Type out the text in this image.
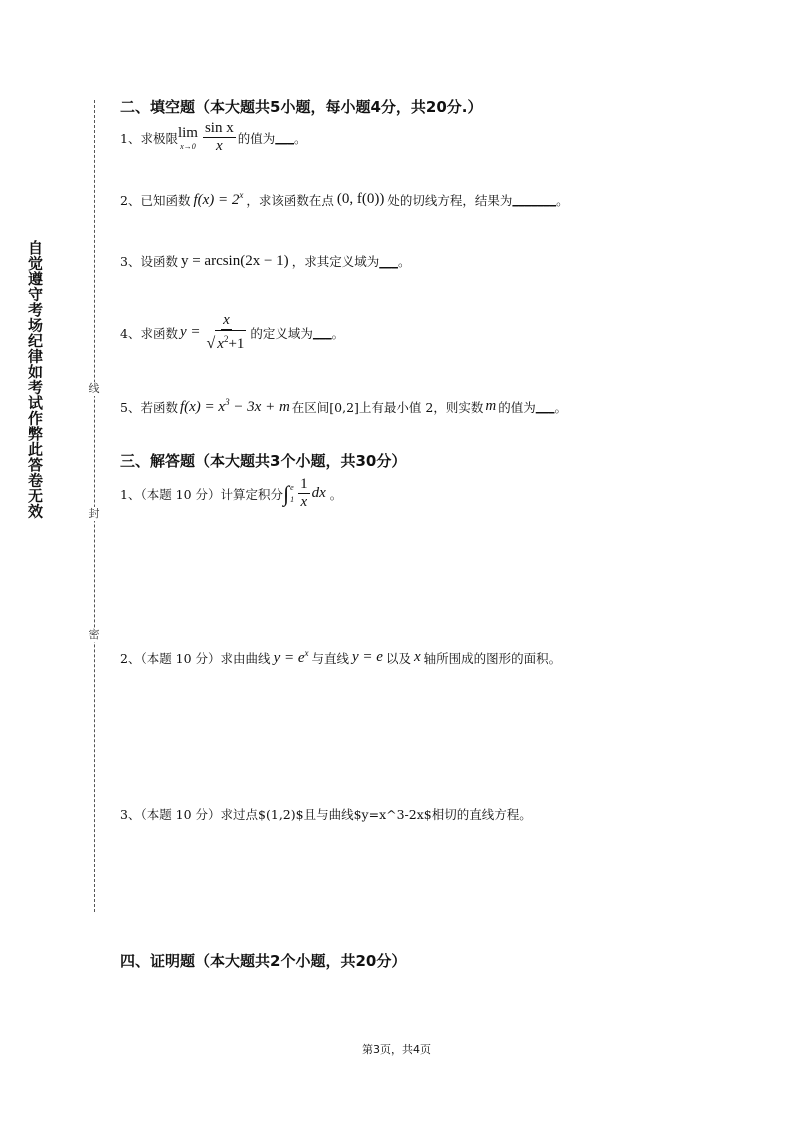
自觉遵守考场纪律如考试作弊此答卷无效	线
封
密
二、填空题（本大题共5小题，每小题4分，共20分.）
1、求极限 lim
$x\to 0 \frac{\text{sin x}}{x}$ 的值为 ___ 。
2、已知函数 $f(x) = 2^x$ ，求该函数在点 (0, f(0)) 处的切线方程，结果为 _______ 。
3、设函数 y = arcsin(2x − 1) ，求其定义域为 ___ 。
4、求函数 $y = \frac{x}{√ x^2+1}$ 的定义域为 ___ 。
5、若函数 $f(x) = x^3 - 3x + m$ 在区间[0,2]上有最小值 2，则实数 m 的值为 ___ 。
三、解答题（本大题共3个小题，共30分）
1、（本题 10 分）计算定积分 ∫ e
$1 \frac{1}{x}$ dx 。
2、（本题 10 分）求由曲线 $y = e^x$ 与直线 y = e 以及 x 轴所围成的图形的面积。
3、（本题 10 分）求过点$(1,2)$且与曲线$y=x^3-2x$相切的直线方程。
四、证明题（本大题共2个小题，共20分）
第3页，共4页
